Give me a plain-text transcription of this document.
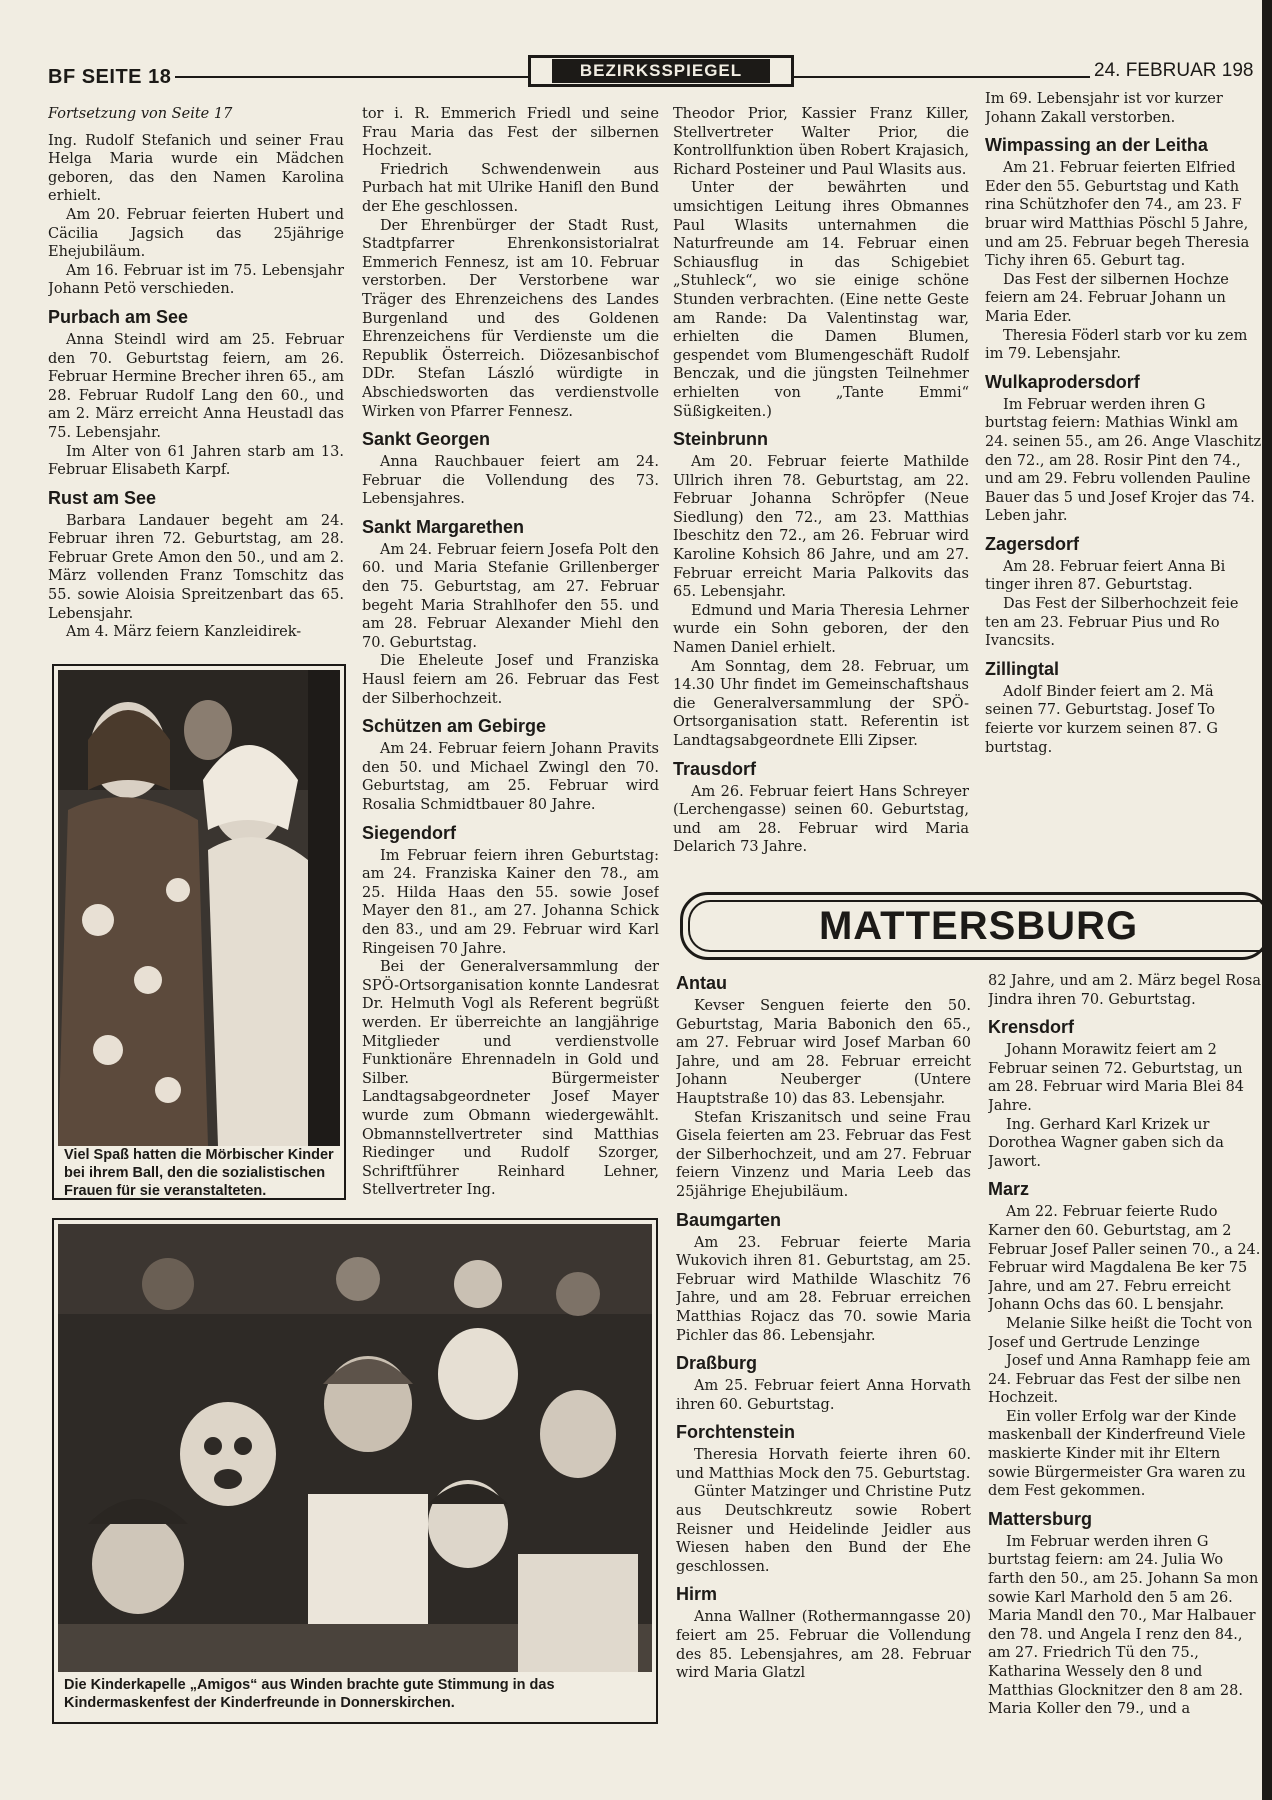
BF SEITE 18	BEZIRKSSPIEGEL	24. FEBRUAR 198

Fortsetzung von Seite 17

Ing. Rudolf Stefanich und seiner Frau Helga Maria wurde ein Mädchen geboren, das den Namen Karolina erhielt.

Am 20. Februar feierten Hubert und Cäcilia Jagsich das 25jährige Ehejubiläum.

Am 16. Februar ist im 75. Lebensjahr Johann Petö verschieden.

Purbach am See

Anna Steindl wird am 25. Februar den 70. Geburtstag feiern, am 26. Februar Hermine Brecher ihren 65., am 28. Februar Rudolf Lang den 60., und am 2. März erreicht Anna Heustadl das 75. Lebensjahr.

Im Alter von 61 Jahren starb am 13. Februar Elisabeth Karpf.

Rust am See

Barbara Landauer begeht am 24. Februar ihren 72. Geburtstag, am 28. Februar Grete Amon den 50., und am 2. März vollenden Franz Tomschitz das 55. sowie Aloisia Spreitzenbart das 65. Lebensjahr.

Am 4. März feiern Kanzleidirek-

Viel Spaß hatten die Mörbischer Kinder bei ihrem Ball, den die sozialistischen Frauen für sie veranstalteten.

tor i. R. Emmerich Friedl und seine Frau Maria das Fest der silbernen Hochzeit.

Friedrich Schwendenwein aus Purbach hat mit Ulrike Hanifl den Bund der Ehe geschlossen.

Der Ehrenbürger der Stadt Rust, Stadtpfarrer Ehrenkonsistorialrat Emmerich Fennesz, ist am 10. Februar verstorben. Der Verstorbene war Träger des Ehrenzeichens des Landes Burgenland und des Goldenen Ehrenzeichens für Verdienste um die Republik Österreich. Diözesanbischof DDr. Stefan László würdigte in Abschiedsworten das verdienstvolle Wirken von Pfarrer Fennesz.

Sankt Georgen

Anna Rauchbauer feiert am 24. Februar die Vollendung des 73. Lebensjahres.

Sankt Margarethen

Am 24. Februar feiern Josefa Polt den 60. und Maria Stefanie Grillenberger den 75. Geburtstag, am 27. Februar begeht Maria Strahlhofer den 55. und am 28. Februar Alexander Miehl den 70. Geburtstag.

Die Eheleute Josef und Franziska Hausl feiern am 26. Februar das Fest der Silberhochzeit.

Schützen am Gebirge

Am 24. Februar feiern Johann Pravits den 50. und Michael Zwingl den 70. Geburtstag, am 25. Februar wird Rosalia Schmidtbauer 80 Jahre.

Siegendorf

Im Februar feiern ihren Geburtstag: am 24. Franziska Kainer den 78., am 25. Hilda Haas den 55. sowie Josef Mayer den 81., am 27. Johanna Schick den 83., und am 29. Februar wird Karl Ringeisen 70 Jahre.

Bei der Generalversammlung der SPÖ-Ortsorganisation konnte Landesrat Dr. Helmuth Vogl als Referent begrüßt werden. Er überreichte an langjährige Mitglieder und verdienstvolle Funktionäre Ehrennadeln in Gold und Silber. Bürgermeister Landtagsabgeordneter Josef Mayer wurde zum Obmann wiedergewählt. Obmannstellvertreter sind Matthias Riedinger und Rudolf Szorger, Schriftführer Reinhard Lehner, Stellvertreter Ing.

Theodor Prior, Kassier Franz Killer, Stellvertreter Walter Prior, die Kontrollfunktion üben Robert Krajasich, Richard Posteiner und Paul Wlasits aus.

Unter der bewährten und umsichtigen Leitung ihres Obmannes Paul Wlasits unternahmen die Naturfreunde am 14. Februar einen Schiausflug in das Schigebiet „Stuhleck“, wo sie einige schöne Stunden verbrachten. (Eine nette Geste am Rande: Da Valentinstag war, erhielten die Damen Blumen, gespendet vom Blumengeschäft Rudolf Benczak, und die jüngsten Teilnehmer erhielten von „Tante Emmi“ Süßigkeiten.)

Steinbrunn

Am 20. Februar feierte Mathilde Ullrich ihren 78. Geburtstag, am 22. Februar Johanna Schröpfer (Neue Siedlung) den 72., am 23. Matthias Ibeschitz den 72., am 26. Februar wird Karoline Kohsich 86 Jahre, und am 27. Februar erreicht Maria Palkovits das 65. Lebensjahr.

Edmund und Maria Theresia Lehrner wurde ein Sohn geboren, der den Namen Daniel erhielt.

Am Sonntag, dem 28. Februar, um 14.30 Uhr findet im Gemeinschaftshaus die Generalversammlung der SPÖ-Ortsorganisation statt. Referentin ist Landtagsabgeordnete Elli Zipser.

Trausdorf

Am 26. Februar feiert Hans Schreyer (Lerchengasse) seinen 60. Geburtstag, und am 28. Februar wird Maria Delarich 73 Jahre.

Im 69. Lebensjahr ist vor kurzer Johann Zakall verstorben.

Wimpassing an der Leitha

Am 21. Februar feierten Elfried Eder den 55. Geburtstag und Kath rina Schützhofer den 74., am 23. F bruar wird Matthias Pöschl 5 Jahre, und am 25. Februar begeh Theresia Tichy ihren 65. Geburt tag.

Das Fest der silbernen Hochze feiern am 24. Februar Johann un Maria Eder.

Theresia Föderl starb vor ku zem im 79. Lebensjahr.

Wulkaprodersdorf

Im Februar werden ihren G burtstag feiern: Mathias Winkl am 24. seinen 55., am 26. Ange Vlaschitz den 72., am 28. Rosir Pint den 74., und am 29. Febru vollenden Pauline Bauer das 5 und Josef Krojer das 74. Leben jahr.

Zagersdorf

Am 28. Februar feiert Anna Bi tinger ihren 87. Geburtstag.

Das Fest der Silberhochzeit feie ten am 23. Februar Pius und Ro Ivancsits.

Zillingtal

Adolf Binder feiert am 2. Mä seinen 77. Geburtstag. Josef To feierte vor kurzem seinen 87. G burtstag.

MATTERSBURG
Die Kinderkapelle „Amigos“ aus Winden brachte gute Stimmung in das Kindermaskenfest der Kinderfreunde in Donnerskirchen.
Antau

Kevser Senguen feierte den 50. Geburtstag, Maria Babonich den 65., am 27. Februar wird Josef Marban 60 Jahre, und am 28. Februar erreicht Johann Neuberger (Untere Hauptstraße 10) das 83. Lebensjahr.

Stefan Kriszanitsch und seine Frau Gisela feierten am 23. Februar das Fest der Silberhochzeit, und am 27. Februar feiern Vinzenz und Maria Leeb das 25jährige Ehejubiläum.

Baumgarten

Am 23. Februar feierte Maria Wukovich ihren 81. Geburtstag, am 25. Februar wird Mathilde Wlaschitz 76 Jahre, und am 28. Februar erreichen Matthias Rojacz das 70. sowie Maria Pichler das 86. Lebensjahr.

Draßburg

Am 25. Februar feiert Anna Horvath ihren 60. Geburtstag.

Forchtenstein

Theresia Horvath feierte ihren 60. und Matthias Mock den 75. Geburtstag.

Günter Matzinger und Christine Putz aus Deutschkreutz sowie Robert Reisner und Heidelinde Jeidler aus Wiesen haben den Bund der Ehe geschlossen.

Hirm

Anna Wallner (Rothermanngasse 20) feiert am 25. Februar die Vollendung des 85. Lebensjahres, am 28. Februar wird Maria Glatzl

82 Jahre, und am 2. März begel Rosa Jindra ihren 70. Geburtstag.

Krensdorf

Johann Morawitz feiert am 2 Februar seinen 72. Geburtstag, un am 28. Februar wird Maria Blei 84 Jahre.

Ing. Gerhard Karl Krizek ur Dorothea Wagner gaben sich da Jawort.

Marz

Am 22. Februar feierte Rudo Karner den 60. Geburtstag, am 2 Februar Josef Paller seinen 70., a 24. Februar wird Magdalena Be ker 75 Jahre, und am 27. Febru erreicht Johann Ochs das 60. L bensjahr.

Melanie Silke heißt die Tocht von Josef und Gertrude Lenzinge

Josef und Anna Ramhapp feie am 24. Februar das Fest der silbe nen Hochzeit.

Ein voller Erfolg war der Kinde maskenball der Kinderfreund Viele maskierte Kinder mit ihr Eltern sowie Bürgermeister Gra waren zu dem Fest gekommen.

Mattersburg

Im Februar werden ihren G burtstag feiern: am 24. Julia Wo farth den 50., am 25. Johann Sa mon sowie Karl Marhold den 5 am 26. Maria Mandl den 70., Mar Halbauer den 78. und Angela I renz den 84., am 27. Friedrich Tü den 75., Katharina Wessely den 8 und Matthias Glocknitzer den 8 am 28. Maria Koller den 79., und a
